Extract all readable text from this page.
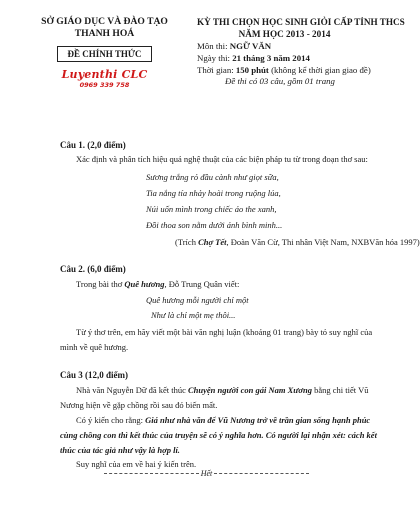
SỞ GIÁO DỤC VÀ ĐÀO TẠO
THANH HOÁ
ĐỀ CHÍNH THỨC
Luyenthi CLC
0969 339 758
KỲ THI CHỌN HỌC SINH GIỎI CẤP TỈNH THCS
NĂM HỌC 2013 - 2014
Môn thi: NGỮ VĂN
Ngày thi: 21 tháng 3 năm 2014
Thời gian: 150 phút (không kể thời gian giao đề)
Đề thi có 03 câu, gồm 01 trang
Câu 1. (2,0 điểm)
Xác định và phân tích hiệu quả nghệ thuật của các biện pháp tu từ trong đoạn thơ sau:
Sương trắng rỏ đầu cành như giọt sữa,
Tia nắng tía nhảy hoài trong ruộng lúa,
Núi uốn mình trong chiếc áo the xanh,
Đồi thoa son nằm dưới ánh bình minh...
(Trích Chợ Tết, Đoàn Văn Cừ, Thi nhân Việt Nam, NXBVăn hóa 1997)
Câu 2. (6,0 điểm)
Trong bài thơ Quê hương, Đỗ Trung Quân viết:
Quê hương mỗi người chỉ một
Như là chỉ một mẹ thôi...
Từ ý thơ trên, em hãy viết một bài văn nghị luận (khoảng 01 trang) bày tỏ suy nghĩ của
mình về quê hương.
Câu 3 (12,0 điểm)
Nhà văn Nguyễn Dữ đã kết thúc Chuyện người con gái Nam Xương bằng chi tiết Vũ
Nương hiện về gặp chồng rồi sau đó biến mất.
Có ý kiến cho rằng: Giá như nhà văn để Vũ Nương trở về trần gian sống hạnh phúc
cùng chồng con thì kết thúc của truyện sẽ có ý nghĩa hơn. Có người lại nhận xét: cách kết
thúc của tác giả như vậy là hợp lí.
Suy nghĩ của em về hai ý kiến trên.
Hết
